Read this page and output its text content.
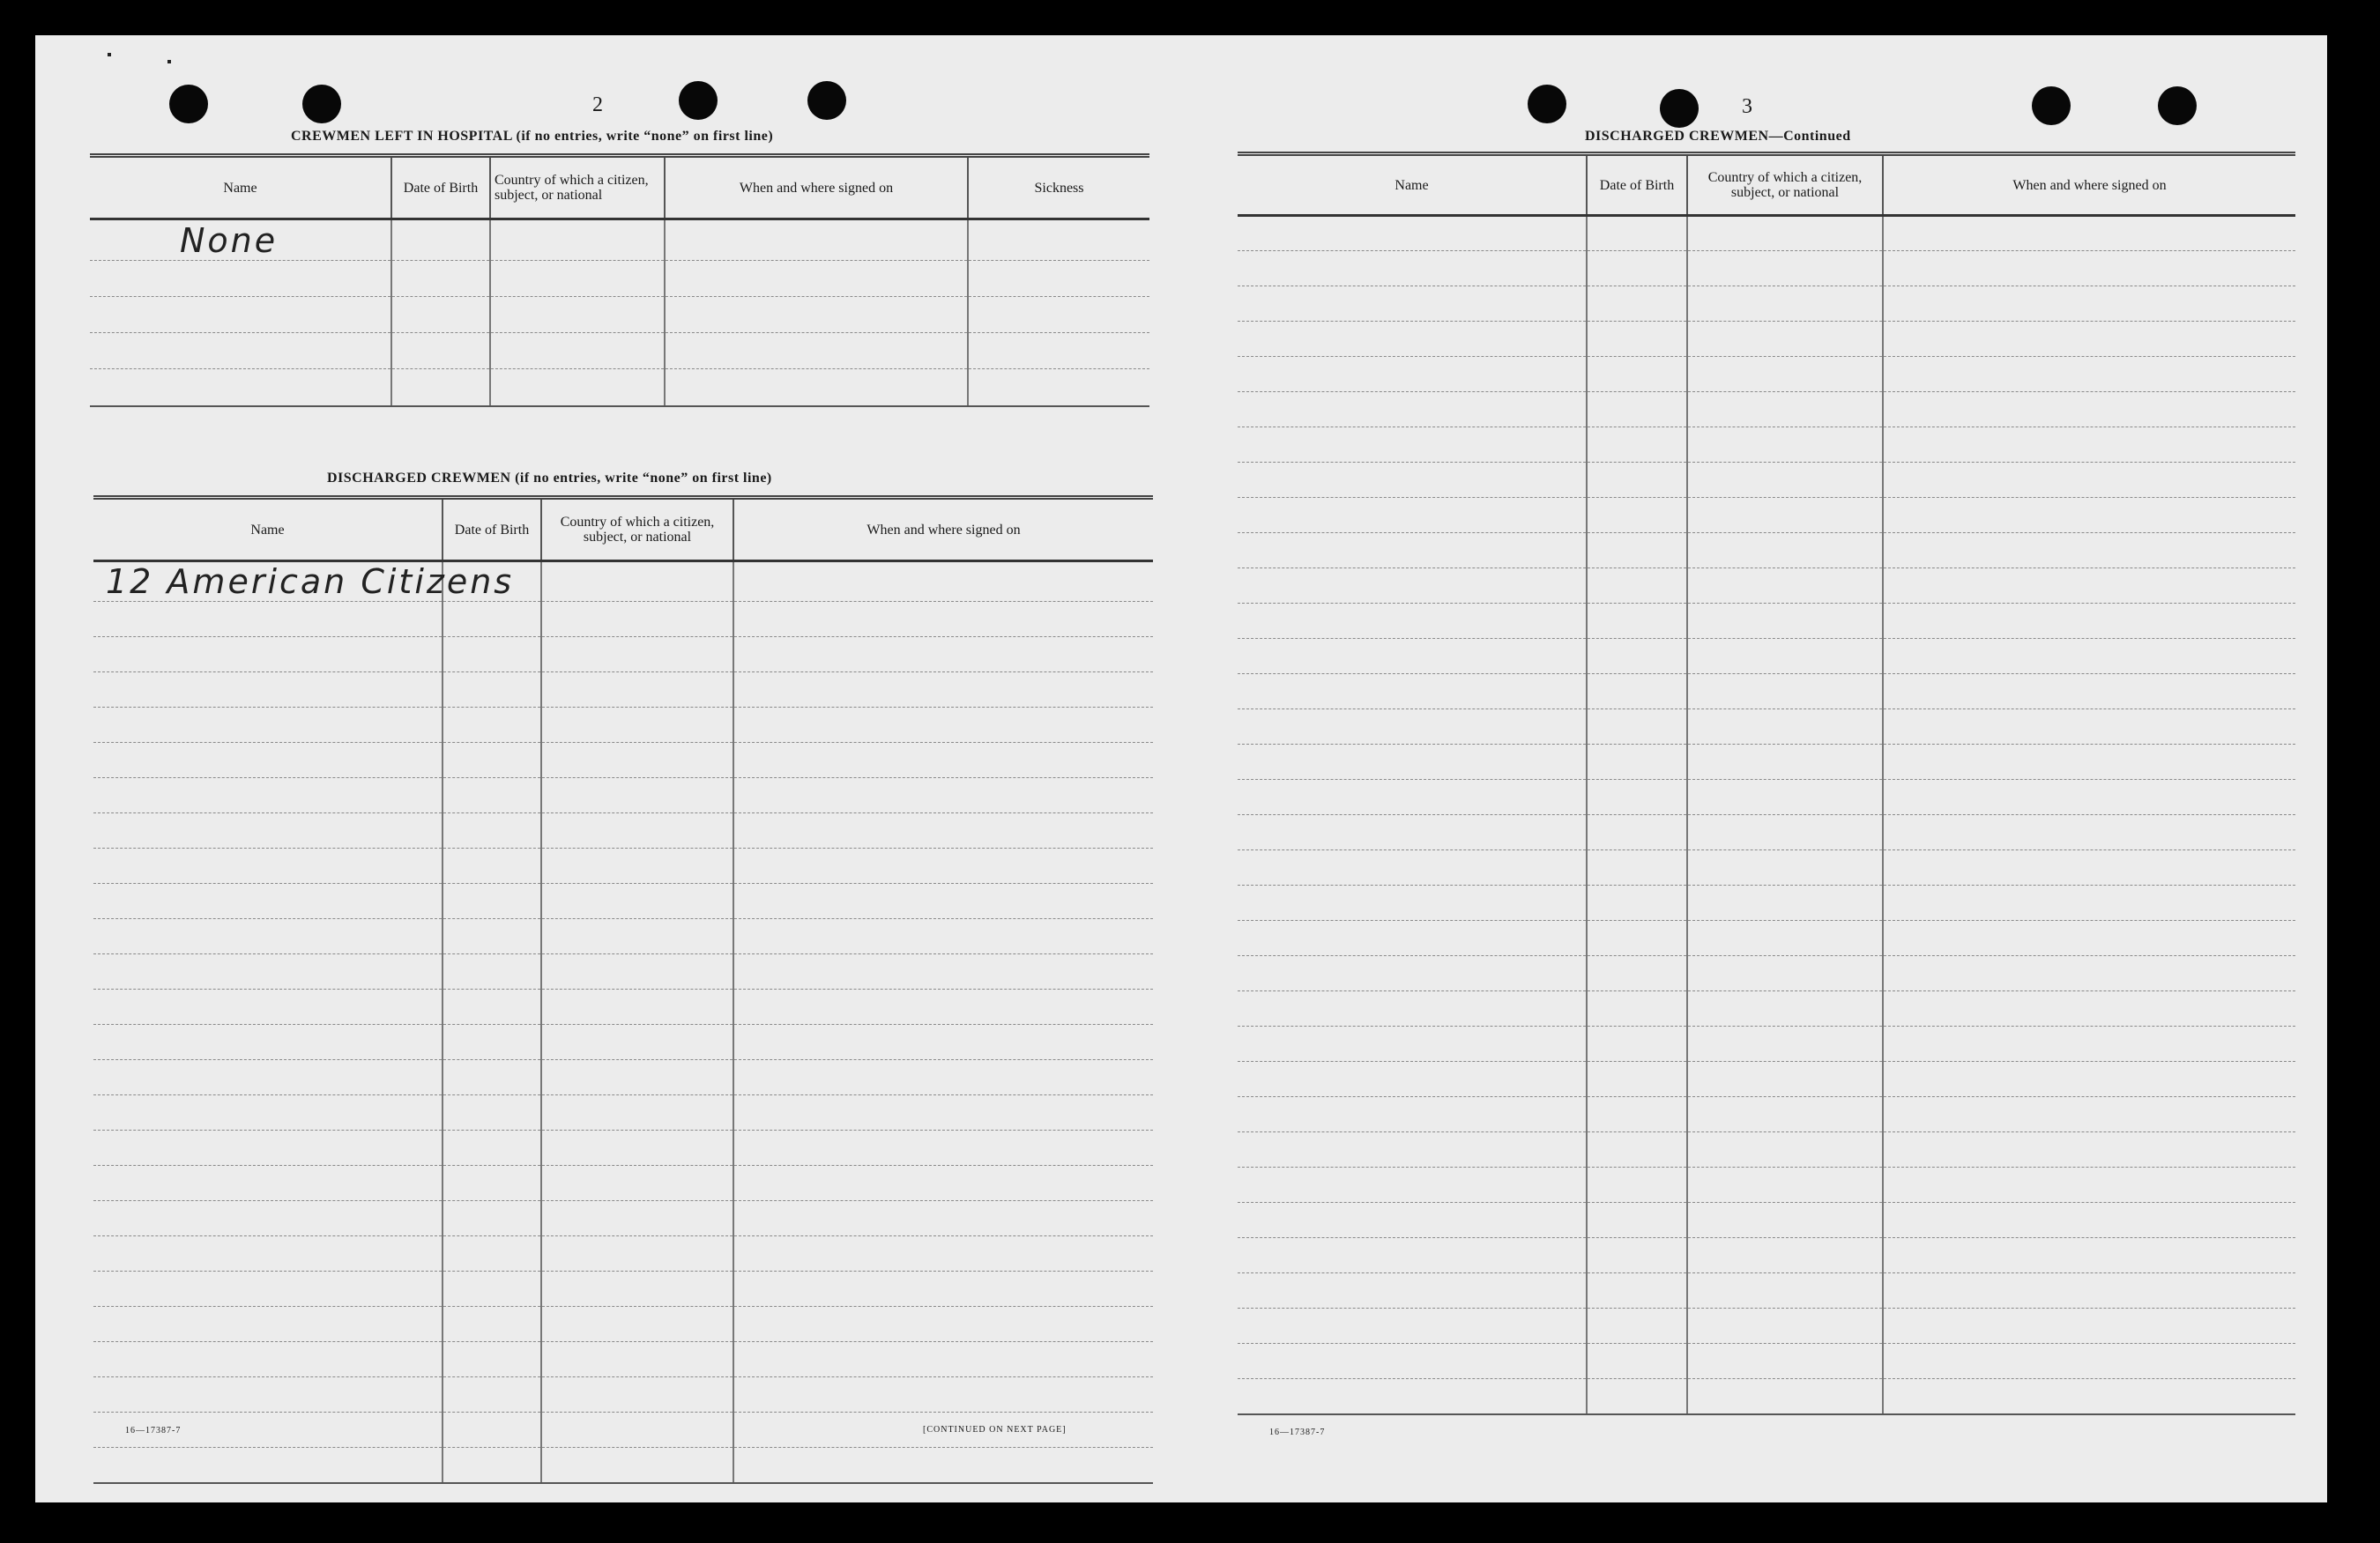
2
CREWMEN LEFT IN HOSPITAL (if no entries, write “none” on first line)
Name	Date of Birth	Country of which a citizen, subject, or national	When and where signed on	Sickness
None				

DISCHARGED CREWMEN (if no entries, write “none” on first line)
Name	Date of Birth	Country of which a citizen, subject, or national	When and where signed on
12 American Citizens			

16—17387-7	[CONTINUED ON NEXT PAGE]
3
DISCHARGED CREWMEN—Continued
Name	Date of Birth	Country of which a citizen, subject, or national	When and where signed on

16—17387-7
